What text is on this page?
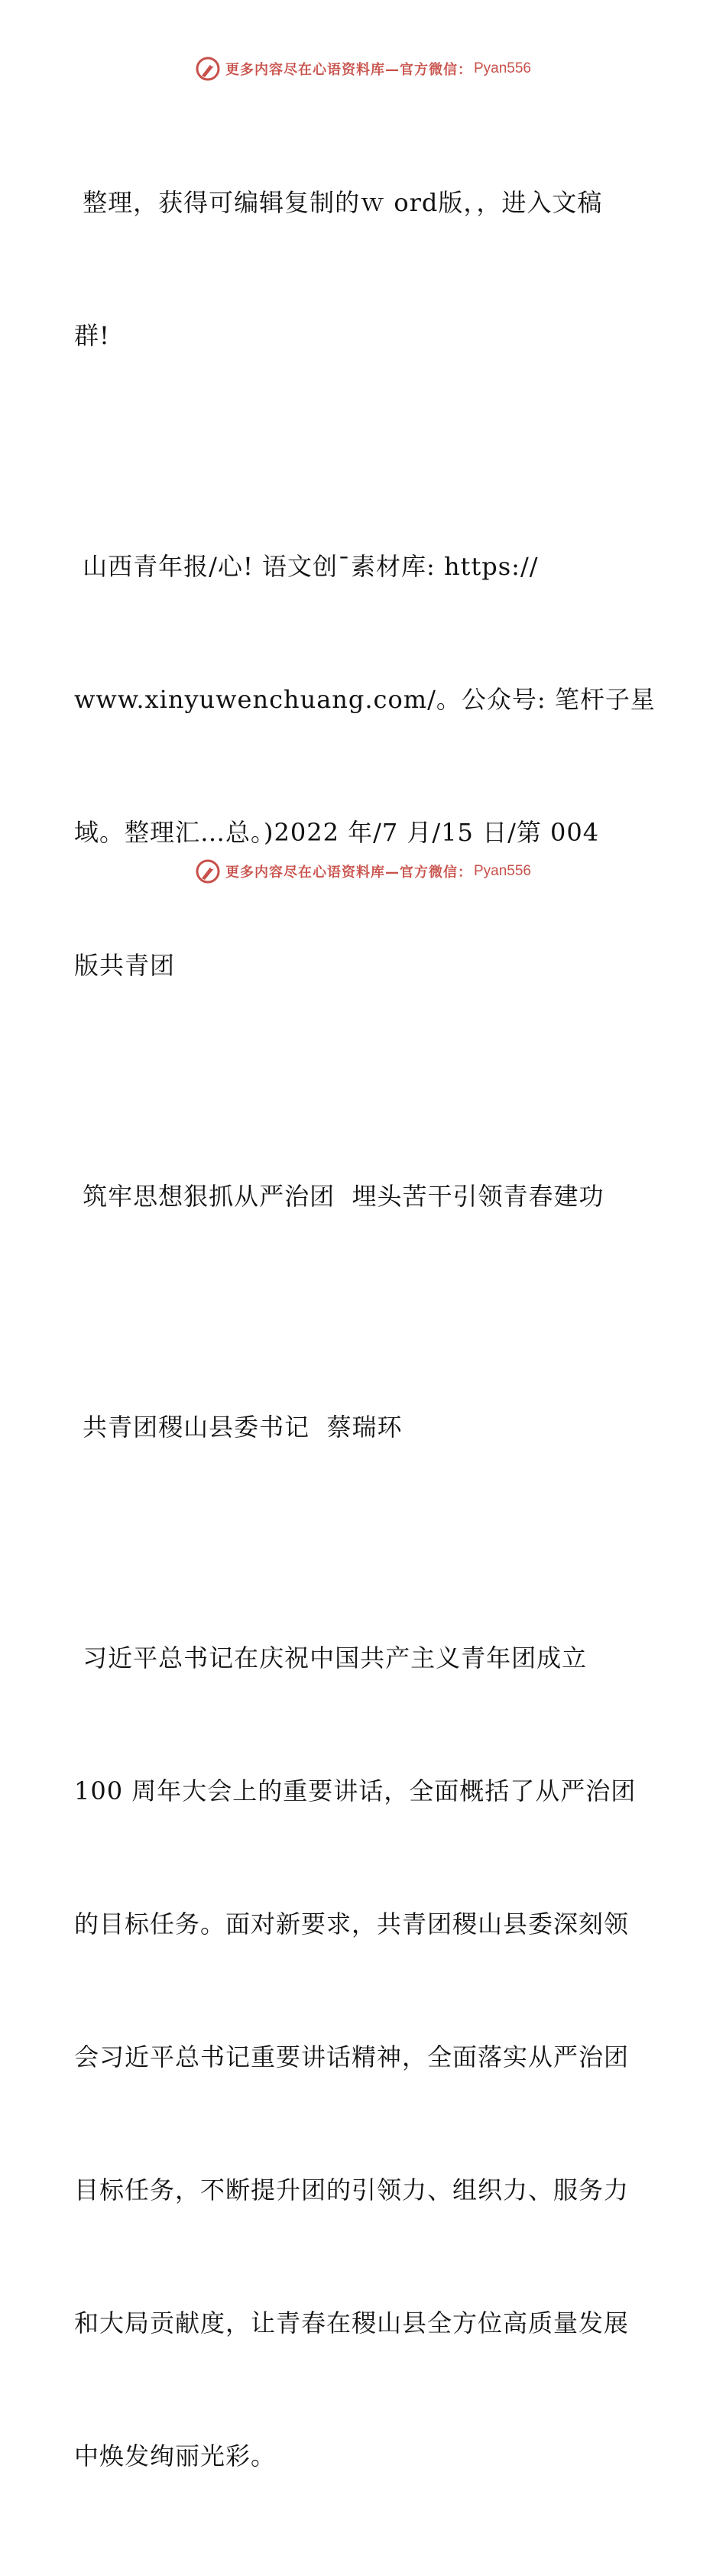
更多内容尽在心语资料库—官方微信： Pyan556

整理，获得可编辑复制的ｗ ord版，，进入文稿

群!

山西青年报/心! 语文创¯素材库: https://

www.xinyuwenchuang.com/。公众号: 笔杆子星

域。整理汇…总。)2022 年/7 月/15 日/第 004

版共青团

筑牢思想狠抓从严治团  埋头苦干引领青春建功

共青团稷山县委书记  蔡瑞环

习近平总书记在庆祝中国共产主义青年团成立

100 周年大会上的重要讲话，全面概括了从严治团

的目标任务。面对新要求，共青团稷山县委深刻领

会习近平总书记重要讲话精神，全面落实从严治团

目标任务，不断提升团的引领力、组织力、服务力

和大局贡献度，让青春在稷山县全方位高质量发展

中焕发绚丽光彩。

更多内容尽在心语资料库—官方微信： Pyan556
